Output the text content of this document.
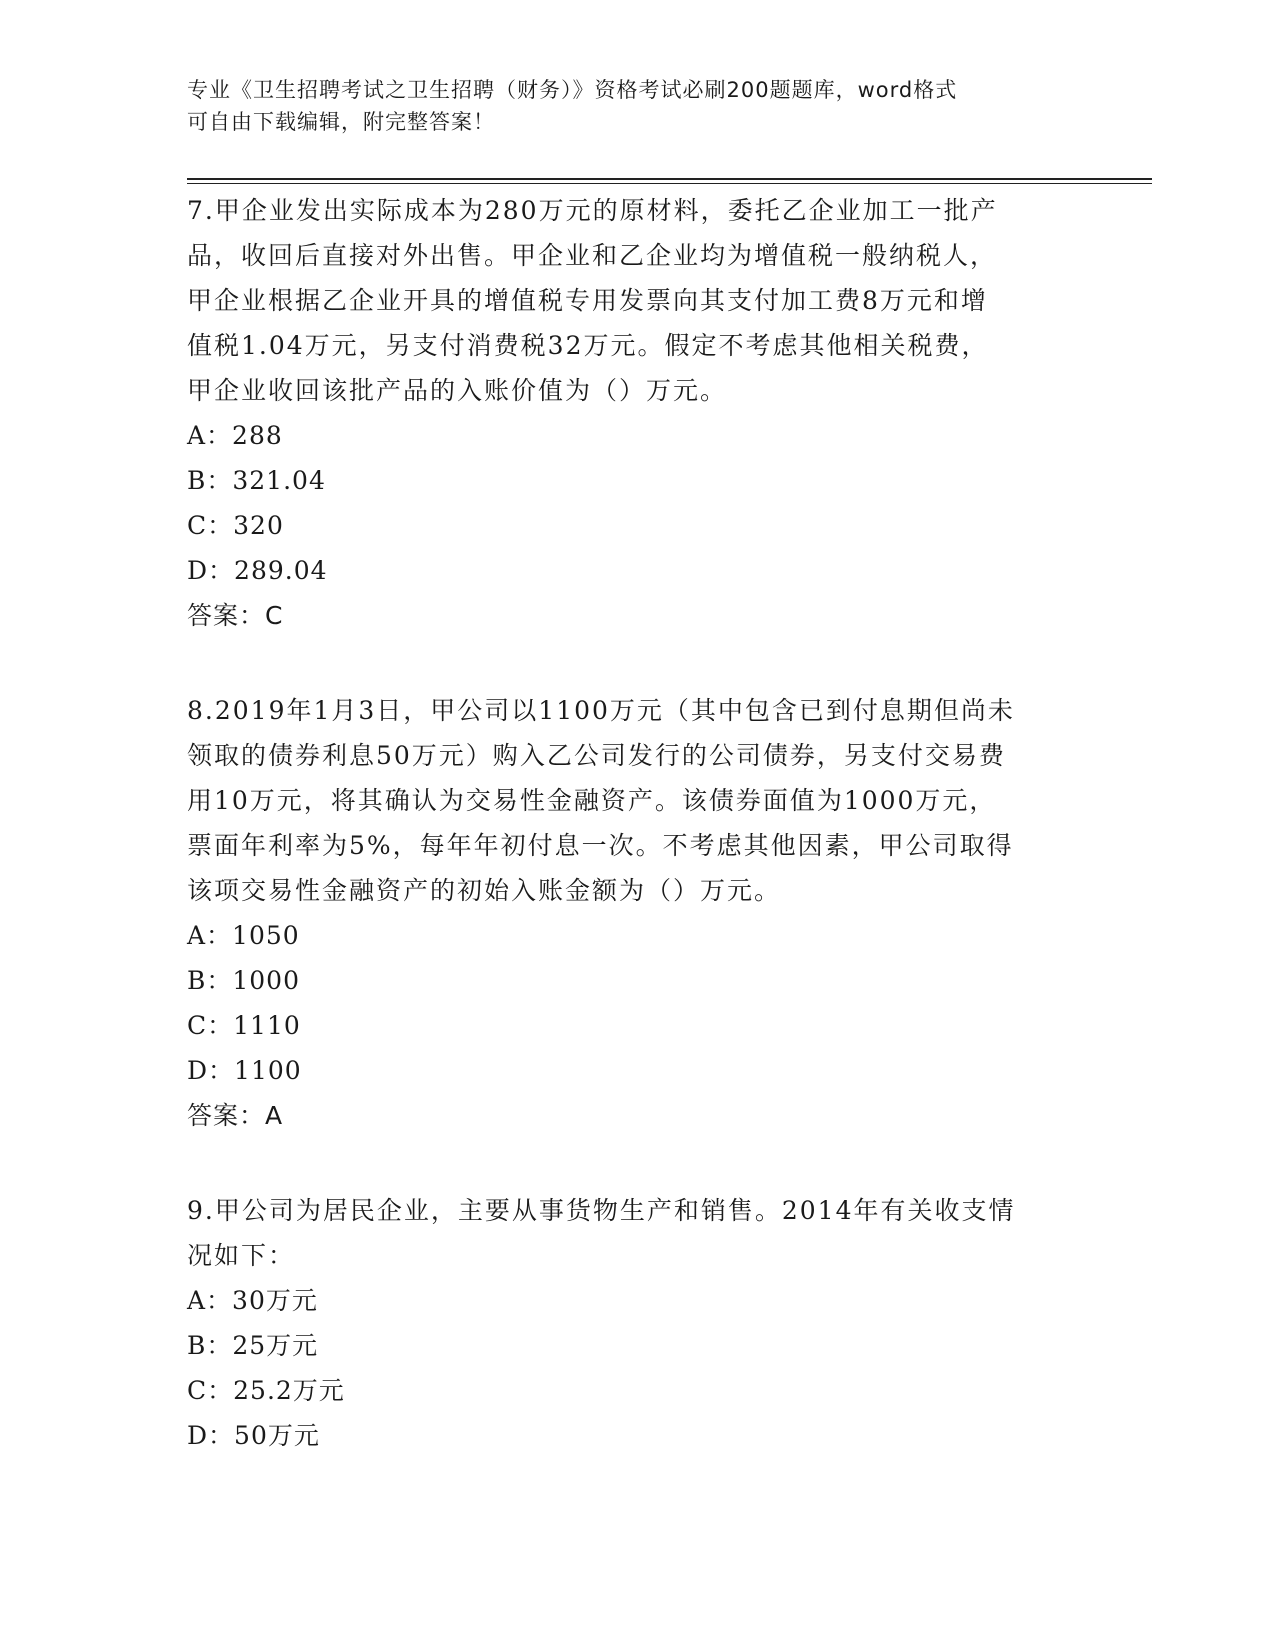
专业《卫生招聘考试之卫生招聘（财务）》资格考试必刷200题题库，word格式
可自由下载编辑，附完整答案！

7.甲企业发出实际成本为280万元的原材料，委托乙企业加工一批产

品，收回后直接对外出售。甲企业和乙企业均为增值税一般纳税人，

甲企业根据乙企业开具的增值税专用发票向其支付加工费8万元和增

值税1.04万元，另支付消费税32万元。假定不考虑其他相关税费，

甲企业收回该批产品的入账价值为（）万元。

A：288

B：321.04

C：320

D：289.04

答案：C

8.2019年1月3日，甲公司以1100万元（其中包含已到付息期但尚未

领取的债券利息50万元）购入乙公司发行的公司债券，另支付交易费

用10万元，将其确认为交易性金融资产。该债券面值为1000万元，

票面年利率为5%，每年年初付息一次。不考虑其他因素，甲公司取得

该项交易性金融资产的初始入账金额为（）万元。

A：1050

B：1000

C：1110

D：1100

答案：A

9.甲公司为居民企业，主要从事货物生产和销售。2014年有关收支情

况如下：

A：30万元

B：25万元

C：25.2万元

D：50万元
